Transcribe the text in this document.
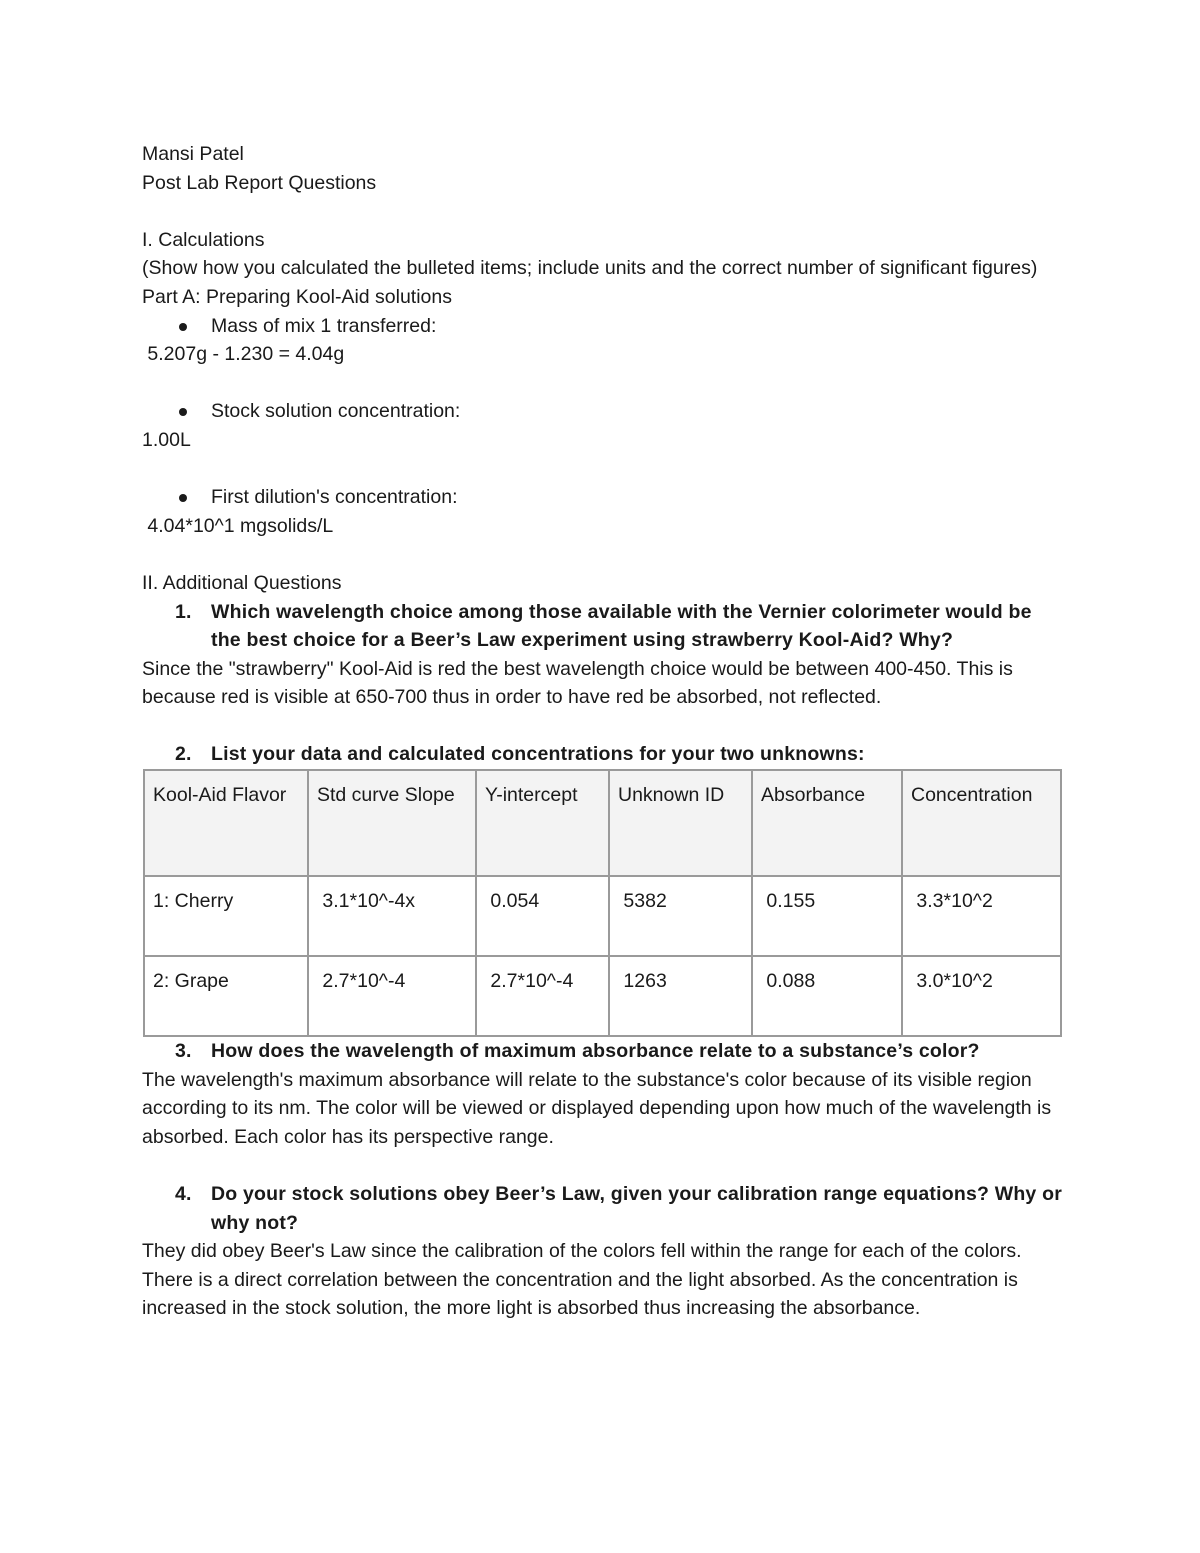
Mansi Patel

Post Lab Report Questions

I. Calculations

(Show how you calculated the bulleted items; include units and the correct number of significant figures)

Part A: Preparing Kool-Aid solutions

Mass of mix 1 transferred:

5.207g - 1.230 = 4.04g

Stock solution concentration:

1.00L

First dilution's concentration:

4.04*10^1 mgsolids/L

II. Additional Questions

1. Which wavelength choice among those available with the Vernier colorimeter would be the best choice for a Beer’s Law experiment using strawberry Kool-Aid? Why?

Since the "strawberry" Kool-Aid is red the best wavelength choice would be between 400-450. This is because red is visible at 650-700 thus in order to have red be absorbed, not reflected.

2. List your data and calculated concentrations for your two unknowns:

Kool-Aid Flavor	Std curve Slope	Y-intercept	Unknown ID	Absorbance	Concentration
1: Cherry	3.1*10^-4x	0.054	5382	0.155	3.3*10^2
2: Grape	2.7*10^-4	2.7*10^-4	1263	0.088	3.0*10^2

3. How does the wavelength of maximum absorbance relate to a substance’s color?

The wavelength's maximum absorbance will relate to the substance's color because of its visible region according to its nm. The color will be viewed or displayed depending upon how much of the wavelength is absorbed. Each color has its perspective range.

4. Do your stock solutions obey Beer’s Law, given your calibration range equations? Why or why not?

They did obey Beer's Law since the calibration of the colors fell within the range for each of the colors. There is a direct correlation between the concentration and the light absorbed. As the concentration is increased in the stock solution, the more light is absorbed thus increasing the absorbance.
